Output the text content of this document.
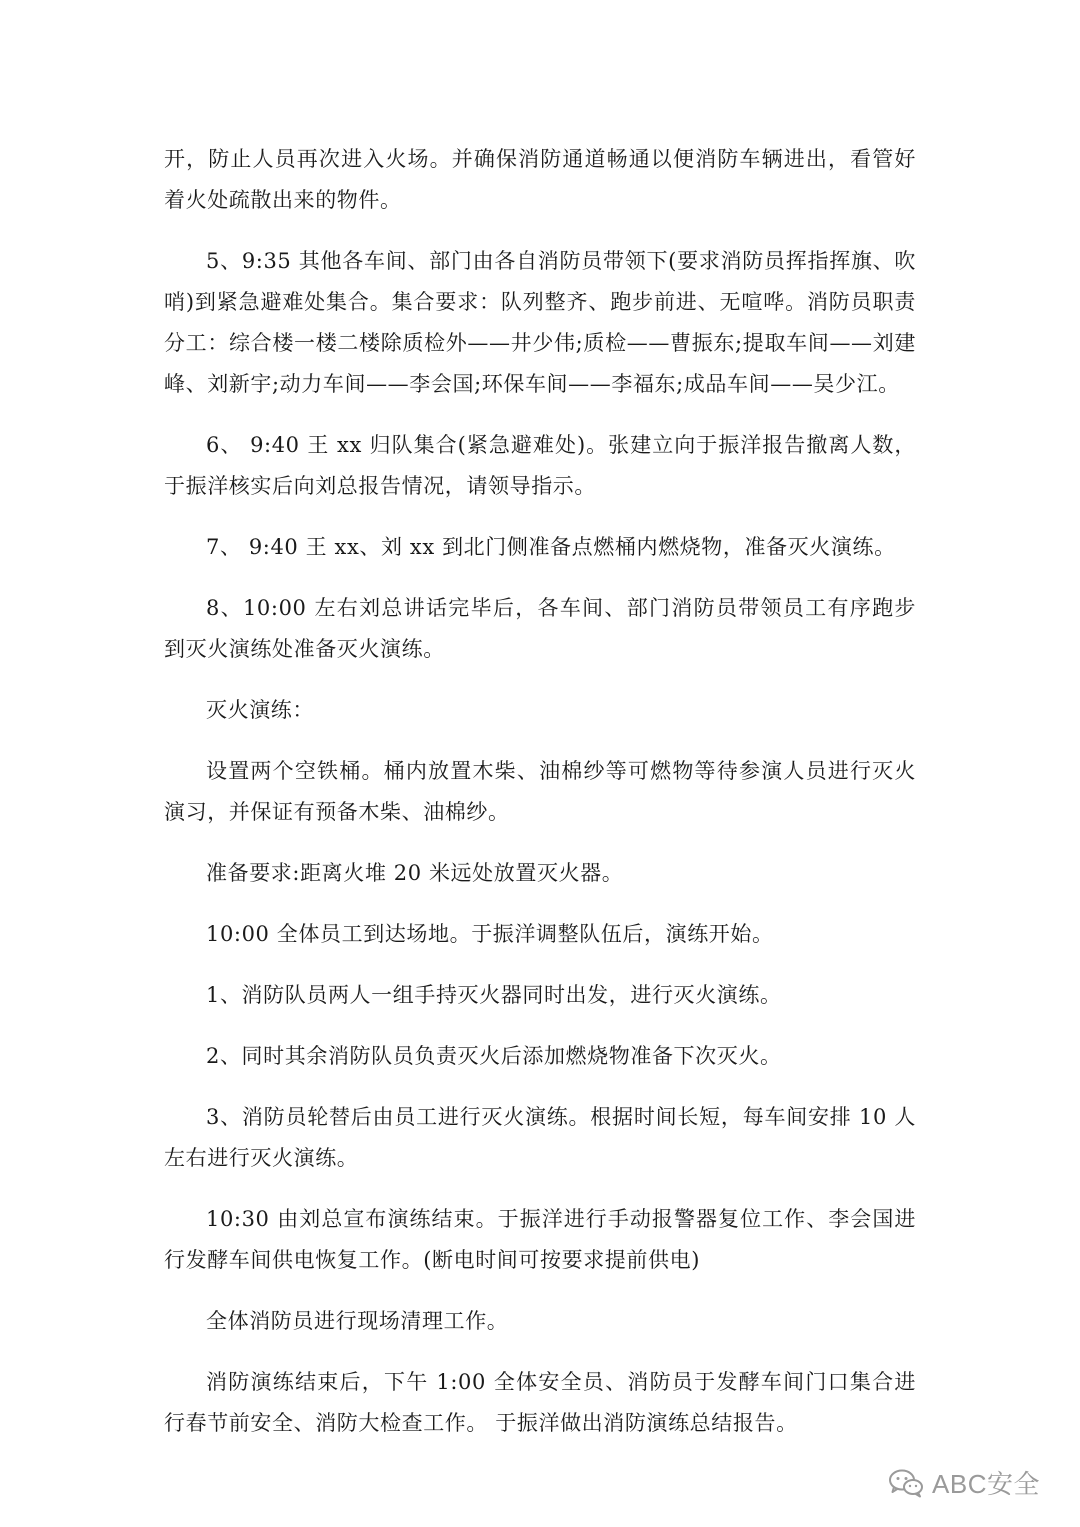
开，防止人员再次进入火场。并确保消防通道畅通以便消防车辆进出，看管好着火处疏散出来的物件。

5、9:35 其他各车间、部门由各自消防员带领下(要求消防员挥指挥旗、吹哨)到紧急避难处集合。集合要求：队列整齐、跑步前进、无喧哗。消防员职责分工：综合楼一楼二楼除质检外——井少伟;质检——曹振东;提取车间——刘建峰、刘新宇;动力车间——李会国;环保车间——李福东;成品车间——吴少江。

6、 9:40 王 xx 归队集合(紧急避难处)。张建立向于振洋报告撤离人数，于振洋核实后向刘总报告情况，请领导指示。

7、 9:40 王 xx、刘 xx 到北门侧准备点燃桶内燃烧物，准备灭火演练。

8、10:00 左右刘总讲话完毕后，各车间、部门消防员带领员工有序跑步到灭火演练处准备灭火演练。

灭火演练：

设置两个空铁桶。桶内放置木柴、油棉纱等可燃物等待参演人员进行灭火演习，并保证有预备木柴、油棉纱。

准备要求:距离火堆 20 米远处放置灭火器。

10:00 全体员工到达场地。于振洋调整队伍后，演练开始。

1、消防队员两人一组手持灭火器同时出发，进行灭火演练。

2、同时其余消防队员负责灭火后添加燃烧物准备下次灭火。

3、消防员轮替后由员工进行灭火演练。根据时间长短，每车间安排 10 人左右进行灭火演练。

10:30 由刘总宣布演练结束。于振洋进行手动报警器复位工作、李会国进行发酵车间供电恢复工作。(断电时间可按要求提前供电)

全体消防员进行现场清理工作。

消防演练结束后，下午 1:00 全体安全员、消防员于发酵车间门口集合进行春节前安全、消防大检查工作。 于振洋做出消防演练总结报告。

ABC安全
